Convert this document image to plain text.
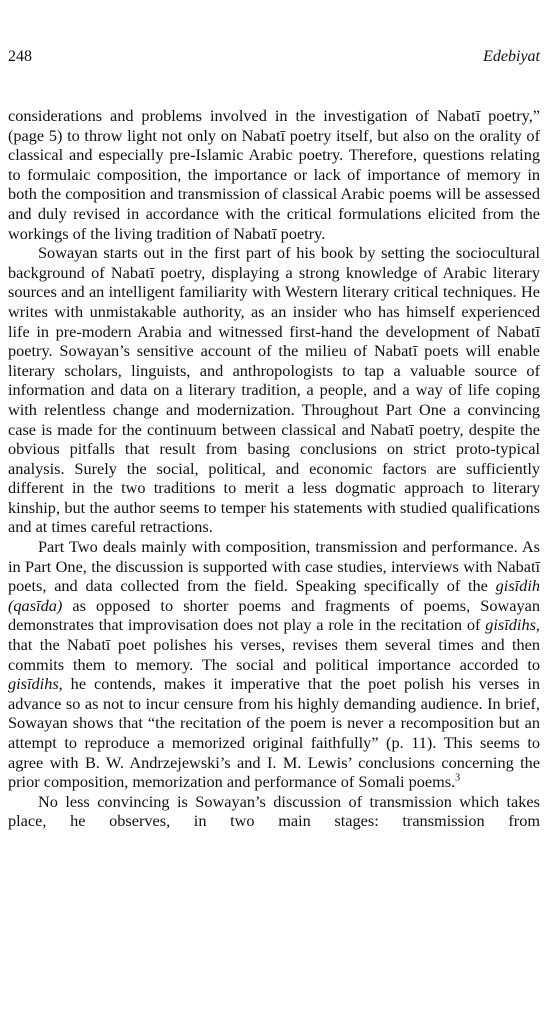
248	Edebiyat

considerations and problems involved in the investigation of Nabatī poetry,” (page 5) to throw light not only on Nabatī poetry itself, but also on the orality of classical and especially pre-Islamic Arabic poetry. Therefore, questions relating to formulaic composition, the importance or lack of importance of memory in both the composition and transmission of classical Arabic poems will be assessed and duly revised in accordance with the critical formulations elicited from the workings of the living tradition of Nabatī poetry.

Sowayan starts out in the first part of his book by setting the sociocultural background of Nabatī poetry, displaying a strong knowledge of Arabic literary sources and an intelligent familiarity with Western literary critical techniques. He writes with unmistakable authority, as an insider who has himself experienced life in pre-modern Arabia and witnessed first-hand the development of Nabatī poetry. Sowayan’s sensitive account of the milieu of Nabatī poets will enable literary scholars, linguists, and anthropologists to tap a valuable source of information and data on a literary tradition, a people, and a way of life coping with relentless change and modernization. Throughout Part One a convincing case is made for the continuum between classical and Nabatī poetry, despite the obvious pitfalls that result from basing conclusions on strict proto-typical analysis. Surely the social, political, and economic factors are sufficiently different in the two traditions to merit a less dogmatic approach to literary kinship, but the author seems to temper his statements with studied qualifications and at times careful retractions.

Part Two deals mainly with composition, transmission and performance. As in Part One, the discussion is supported with case studies, interviews with Nabatī poets, and data collected from the field. Speaking specifically of the gisīdih (qasīda) as opposed to shorter poems and fragments of poems, Sowayan demonstrates that improvisation does not play a role in the recitation of gisīdihs, that the Nabatī poet polishes his verses, revises them several times and then commits them to memory. The social and political importance accorded to gisīdihs, he contends, makes it imperative that the poet polish his verses in advance so as not to incur censure from his highly demanding audience. In brief, Sowayan shows that “the recitation of the poem is never a recomposition but an attempt to reproduce a memorized original faithfully” (p. 11). This seems to agree with B. W. Andrzejewski’s and I. M. Lewis’ conclusions concerning the prior composition, memorization and performance of Somali poems.$^3$

No less convincing is Sowayan’s discussion of transmission which takes place, he observes, in two main stages: transmission from
